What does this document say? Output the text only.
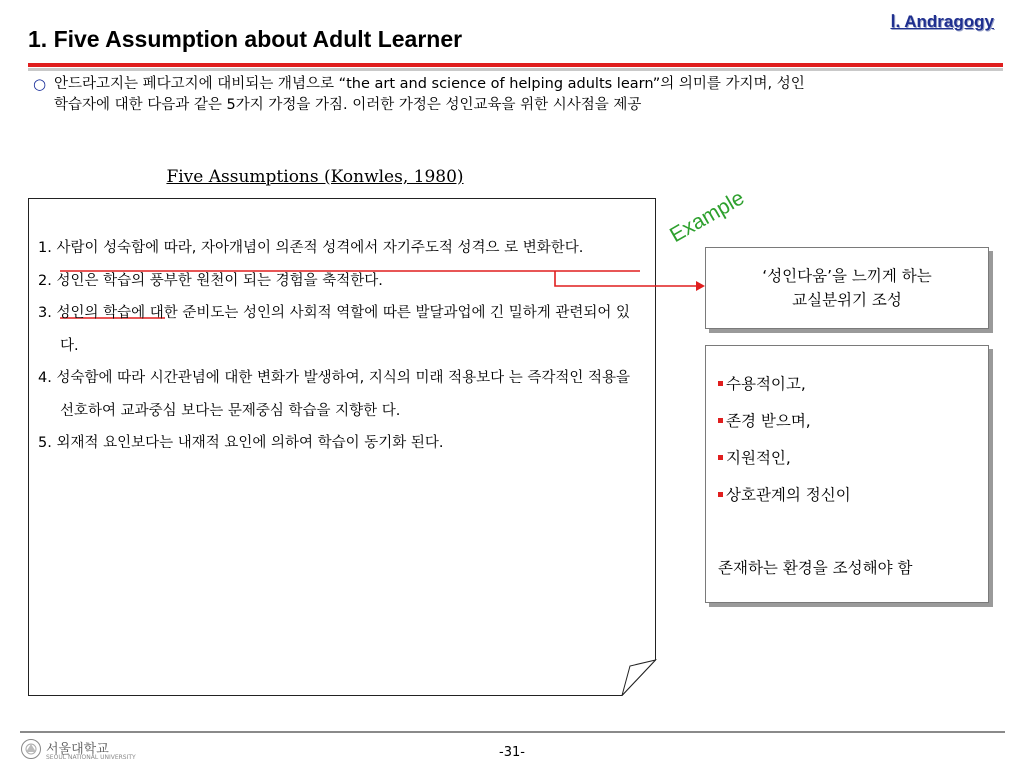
Ⅰ. Andragogy
1. Five Assumption about Adult Learner
○ 안드라고지는 페다고지에 대비되는 개념으로 “the art and science of helping adults learn”의 의미를 가지며, 성인
학습자에 대한 다음과 같은 5가지 가정을 가짐. 이러한 가정은 성인교육을 위한 시사점을 제공
Five Assumptions (Konwles, 1980)
1. 사람이 성숙함에 따라, 자아개념이 의존적 성격에서 자기주도적 성격으 로 변화한다.
2. 성인은 학습의 풍부한 원천이 되는 경험을 축적한다.
3. 성인의 학습에 대한 준비도는 성인의 사회적 역할에 따른 발달과업에 긴 밀하게 관련되어 있다.
4. 성숙함에 따라 시간관념에 대한 변화가 발생하여, 지식의 미래 적용보다 는 즉각적인 적용을 선호하여 교과중심 보다는 문제중심 학습을 지향한 다.
5. 외재적 요인보다는 내재적 요인에 의하여 학습이 동기화 된다.
Example
‘성인다움’을 느끼게 하는
교실분위기 조성
수용적이고,
존경 받으며,
지원적인,
상호관계의 정신이
존재하는 환경을 조성해야 함
서울대학교
SEOUL NATIONAL UNIVERSITY	-31-
